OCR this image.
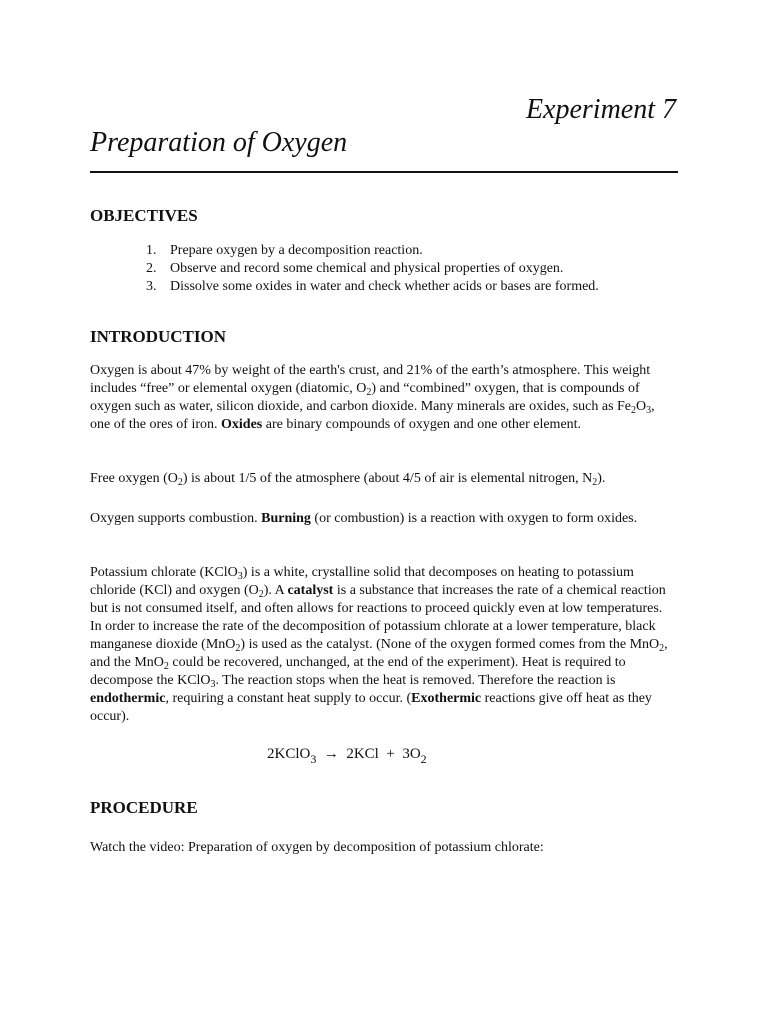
Experiment 7
Preparation of Oxygen
OBJECTIVES
1. Prepare oxygen by a decomposition reaction.
2. Observe and record some chemical and physical properties of oxygen.
3. Dissolve some oxides in water and check whether acids or bases are formed.
INTRODUCTION

Oxygen is about 47% by weight of the earth's crust, and 21% of the earth’s atmosphere. This weight includes “free” or elemental oxygen (diatomic, $O_2$) and “combined” oxygen, that is compounds of oxygen such as water, silicon dioxide, and carbon dioxide. Many minerals are oxides, such as $Fe_2O_3$, one of the ores of iron. Oxides are binary compounds of oxygen and one other element.

Free oxygen $(O_2)$ is about 1/5 of the atmosphere (about 4/5 of air is elemental nitrogen, $N_2$).

Oxygen supports combustion. Burning (or combustion) is a reaction with oxygen to form oxides.

Potassium chlorate (KClO$_3$) is a white, crystalline solid that decomposes on heating to potassium chloride (KCl) and oxygen $(O_2)$. A catalyst is a substance that increases the rate of a chemical reaction but is not consumed itself, and often allows for reactions to proceed quickly even at low temperatures. In order to increase the rate of the decomposition of potassium chlorate at a lower temperature, black manganese dioxide (MnO$_2$) is used as the catalyst. (None of the oxygen formed comes from the MnO$_2$, and the MnO$_2$ could be recovered, unchanged, at the end of the experiment). Heat is required to decompose the KClO$_3$. The reaction stops when the heat is removed. Therefore the reaction is endothermic, requiring a constant heat supply to occur. (Exothermic reactions give off heat as they occur).

2KClO$_3$ → $2KCl + 3O_2$
PROCEDURE

Watch the video: Preparation of oxygen by decomposition of potassium chlorate:
